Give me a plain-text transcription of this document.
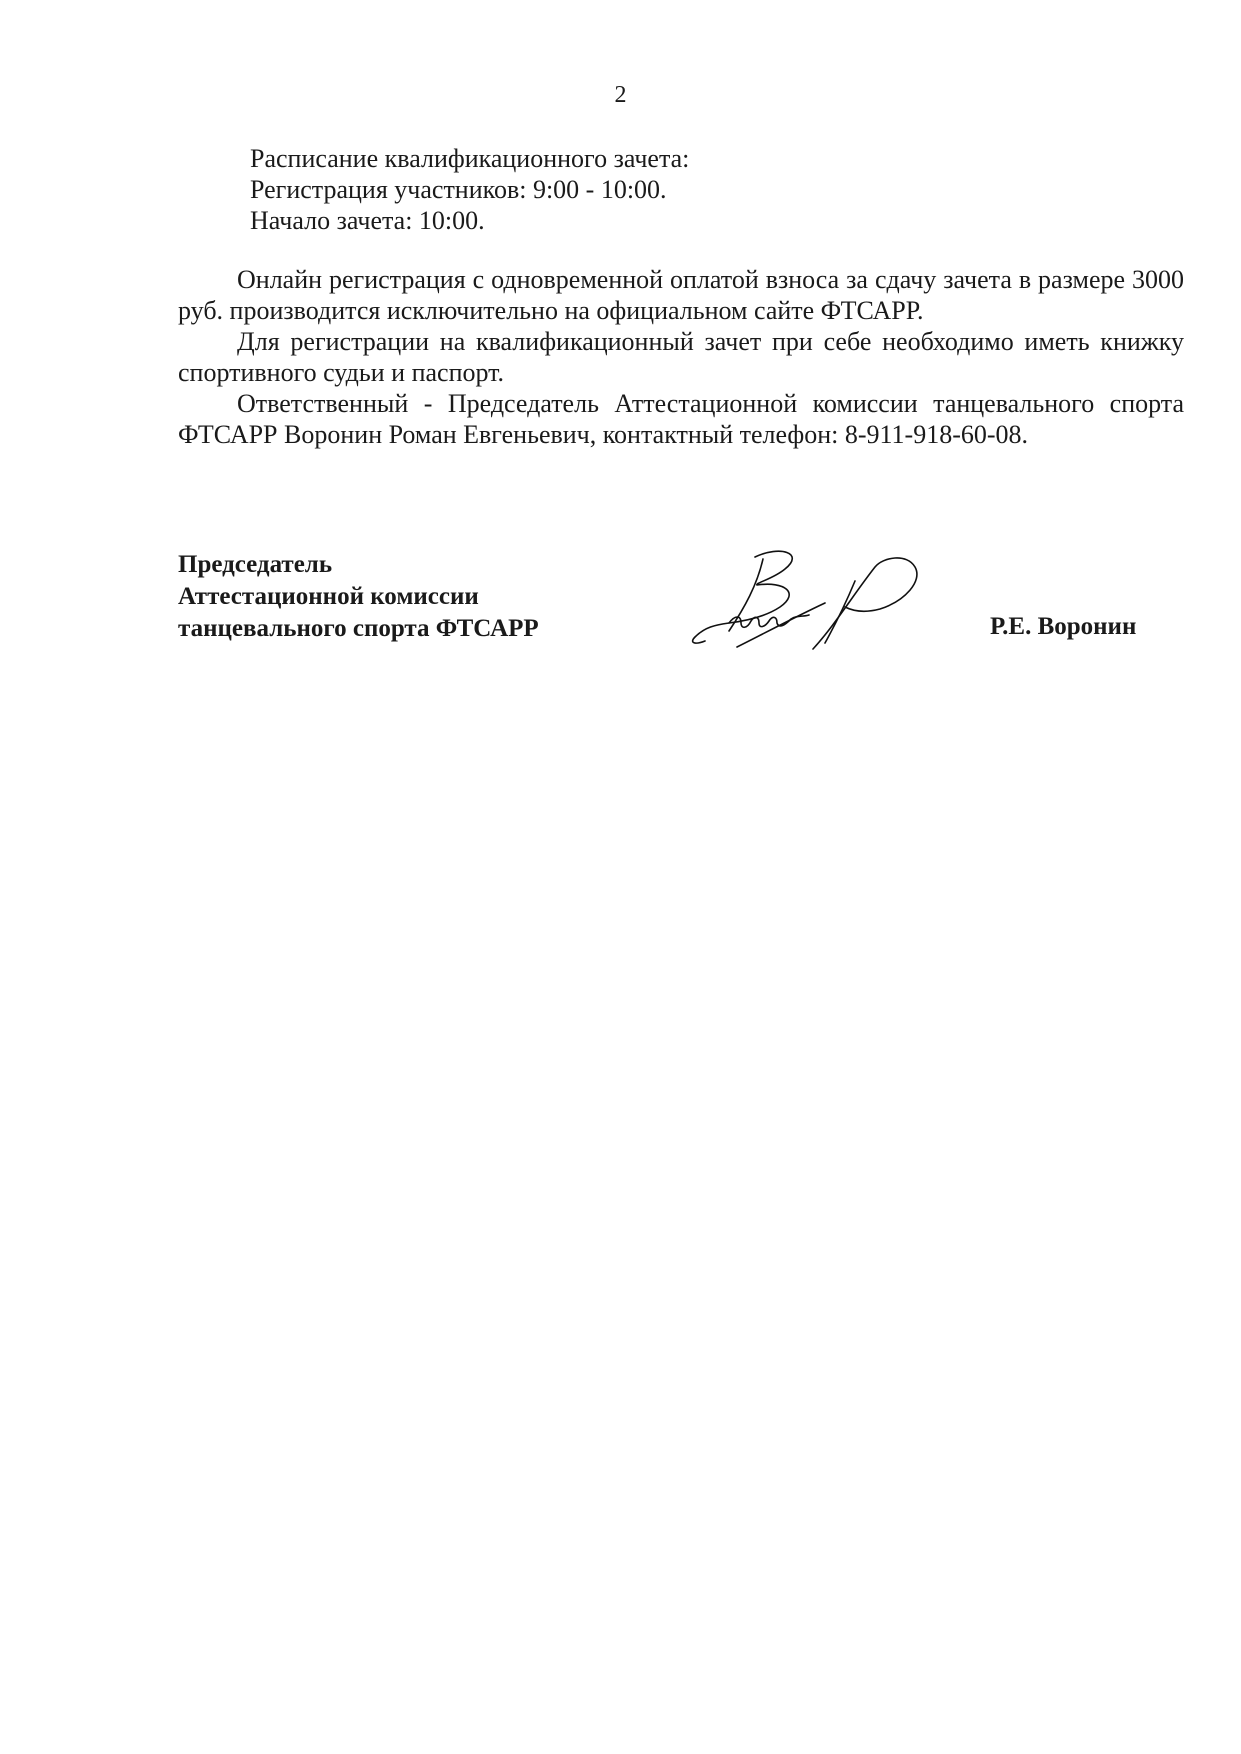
2
Расписание квалификационного зачета:
Регистрация участников: 9:00 - 10:00.
Начало зачета: 10:00.

Онлайн регистрация с одновременной оплатой взноса за сдачу зачета в размере 3000 руб. производится исключительно на официальном сайте ФТСАРР.

Для регистрации на квалификационный зачет при себе необходимо иметь книжку спортивного судьи и паспорт.

Ответственный - Председатель Аттестационной комиссии танцевального спорта ФТСАРР Воронин Роман Евгеньевич, контактный телефон: 8-911-918-60-08.

Председатель
Аттестационной комиссии
танцевального спорта ФТСАРР	Р.Е. Воронин
